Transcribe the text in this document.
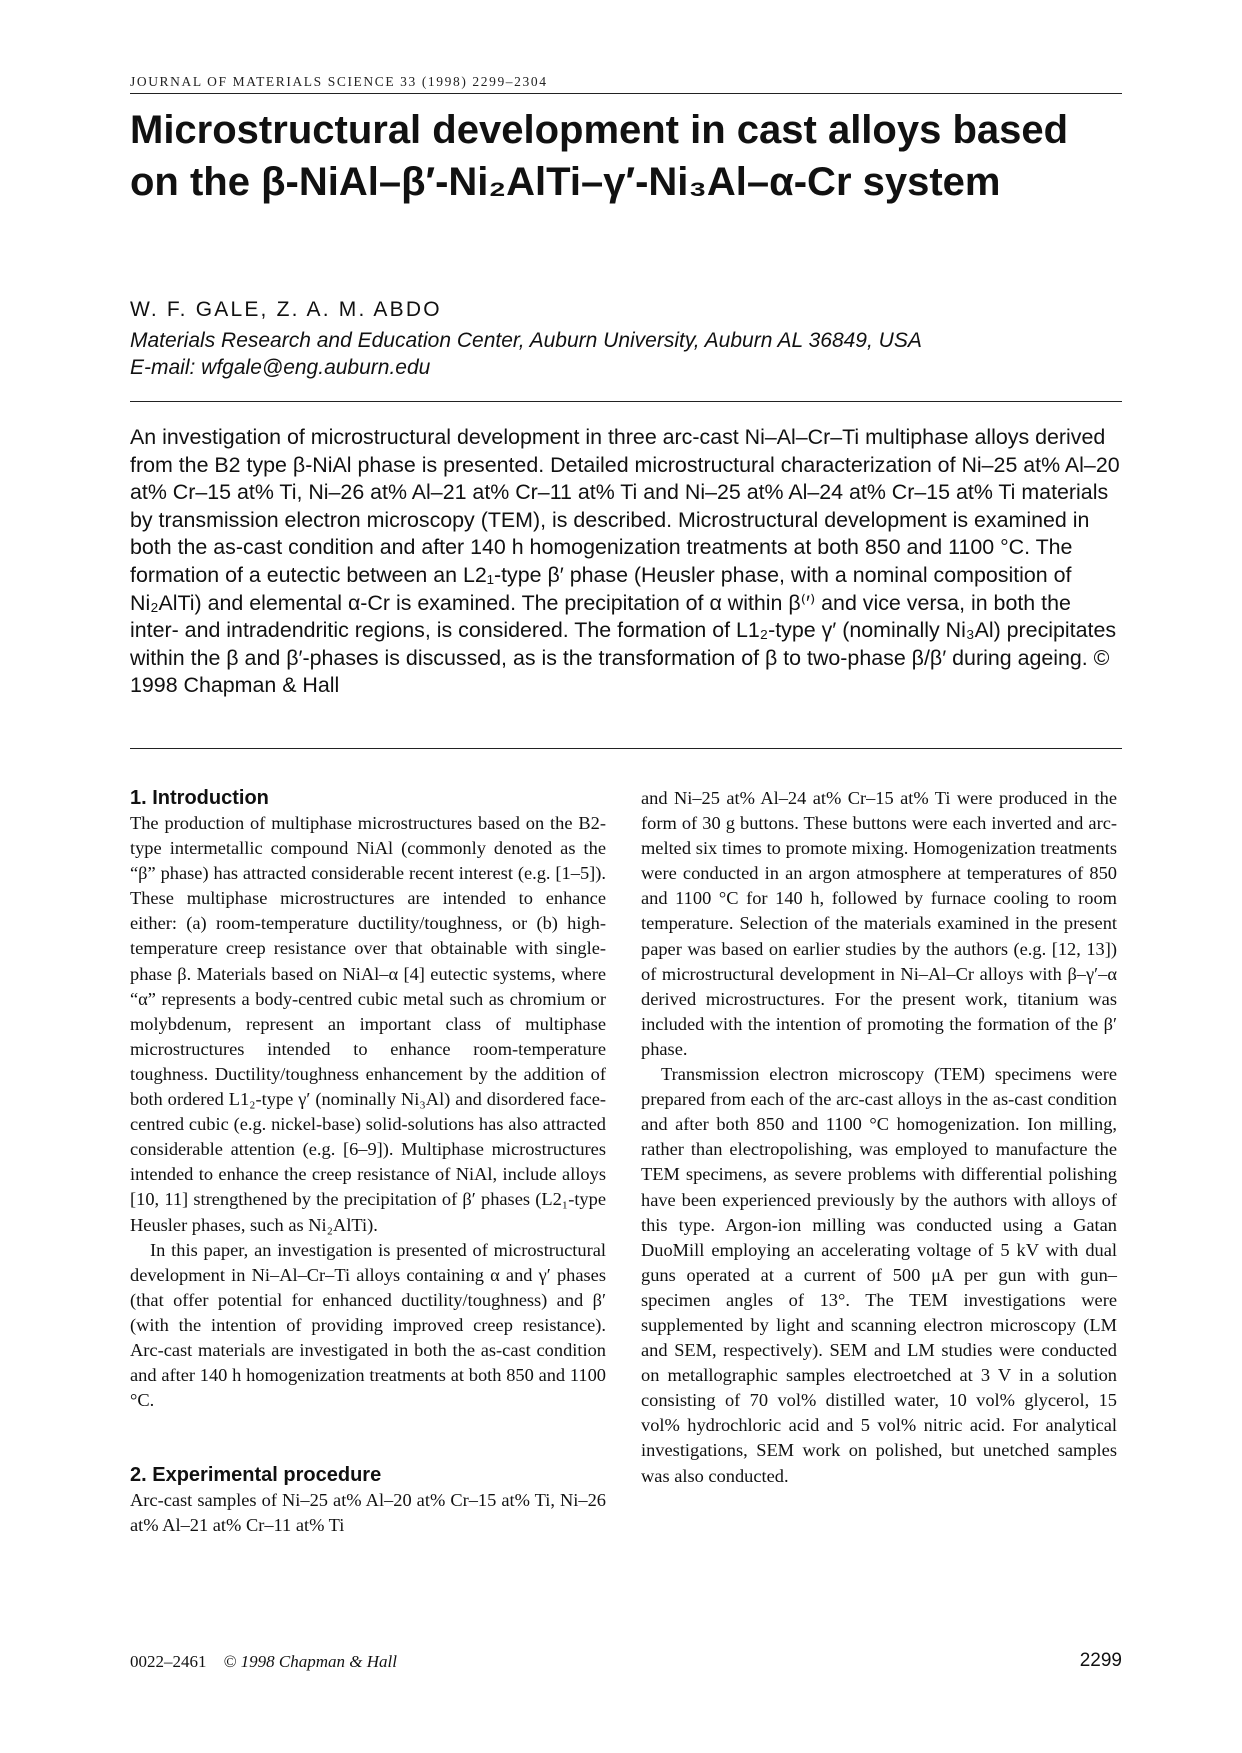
JOURNAL OF MATERIALS SCIENCE 33 (1998) 2299–2304
Microstructural development in cast alloys based on the β-NiAl–β′-Ni₂AlTi–γ′-Ni₃Al–α-Cr system
W. F. GALE, Z. A. M. ABDO
Materials Research and Education Center, Auburn University, Auburn AL 36849, USA
E-mail: wfgale@eng.auburn.edu

An investigation of microstructural development in three arc-cast Ni–Al–Cr–Ti multiphase alloys derived from the B2 type β-NiAl phase is presented. Detailed microstructural characterization of Ni–25 at% Al–20 at% Cr–15 at% Ti, Ni–26 at% Al–21 at% Cr–11 at% Ti and Ni–25 at% Al–24 at% Cr–15 at% Ti materials by transmission electron microscopy (TEM), is described. Microstructural development is examined in both the as-cast condition and after 140 h homogenization treatments at both 850 and 1100 °C. The formation of a eutectic between an L2₁-type β′ phase (Heusler phase, with a nominal composition of Ni₂AlTi) and elemental α-Cr is examined. The precipitation of α within β⁽′⁾ and vice versa, in both the inter- and intradendritic regions, is considered. The formation of L1₂-type γ′ (nominally Ni₃Al) precipitates within the β and β′-phases is discussed, as is the transformation of β to two-phase β/β′ during ageing. © 1998 Chapman & Hall

1. Introduction

The production of multiphase microstructures based on the B2-type intermetallic compound NiAl (commonly denoted as the “β” phase) has attracted considerable recent interest (e.g. [1–5]). These multiphase microstructures are intended to enhance either: (a) room-temperature ductility/toughness, or (b) high-temperature creep resistance over that obtainable with single-phase β. Materials based on NiAl–α [4] eutectic systems, where “α” represents a body-centred cubic metal such as chromium or molybdenum, represent an important class of multiphase microstructures intended to enhance room-temperature toughness. Ductility/toughness enhancement by the addition of both ordered L1₂-type γ′ (nominally Ni₃Al) and disordered face-centred cubic (e.g. nickel-base) solid-solutions has also attracted considerable attention (e.g. [6–9]). Multiphase microstructures intended to enhance the creep resistance of NiAl, include alloys [10, 11] strengthened by the precipitation of β′ phases (L2₁-type Heusler phases, such as Ni₂AlTi).

In this paper, an investigation is presented of microstructural development in Ni–Al–Cr–Ti alloys containing α and γ′ phases (that offer potential for enhanced ductility/toughness) and β′ (with the intention of providing improved creep resistance). Arc-cast materials are investigated in both the as-cast condition and after 140 h homogenization treatments at both 850 and 1100 °C.

2. Experimental procedure

Arc-cast samples of Ni–25 at% Al–20 at% Cr–15 at% Ti, Ni–26 at% Al–21 at% Cr–11 at% Ti

and Ni–25 at% Al–24 at% Cr–15 at% Ti were produced in the form of 30 g buttons. These buttons were each inverted and arc-melted six times to promote mixing. Homogenization treatments were conducted in an argon atmosphere at temperatures of 850 and 1100 °C for 140 h, followed by furnace cooling to room temperature. Selection of the materials examined in the present paper was based on earlier studies by the authors (e.g. [12, 13]) of microstructural development in Ni–Al–Cr alloys with β–γ′–α derived microstructures. For the present work, titanium was included with the intention of promoting the formation of the β′ phase.

Transmission electron microscopy (TEM) specimens were prepared from each of the arc-cast alloys in the as-cast condition and after both 850 and 1100 °C homogenization. Ion milling, rather than electropolishing, was employed to manufacture the TEM specimens, as severe problems with differential polishing have been experienced previously by the authors with alloys of this type. Argon-ion milling was conducted using a Gatan DuoMill employing an accelerating voltage of 5 kV with dual guns operated at a current of 500 μA per gun with gun–specimen angles of 13°. The TEM investigations were supplemented by light and scanning electron microscopy (LM and SEM, respectively). SEM and LM studies were conducted on metallographic samples electroetched at 3 V in a solution consisting of 70 vol% distilled water, 10 vol% glycerol, 15 vol% hydrochloric acid and 5 vol% nitric acid. For analytical investigations, SEM work on polished, but unetched samples was also conducted.

0022–2461 © 1998 Chapman & Hall	2299
